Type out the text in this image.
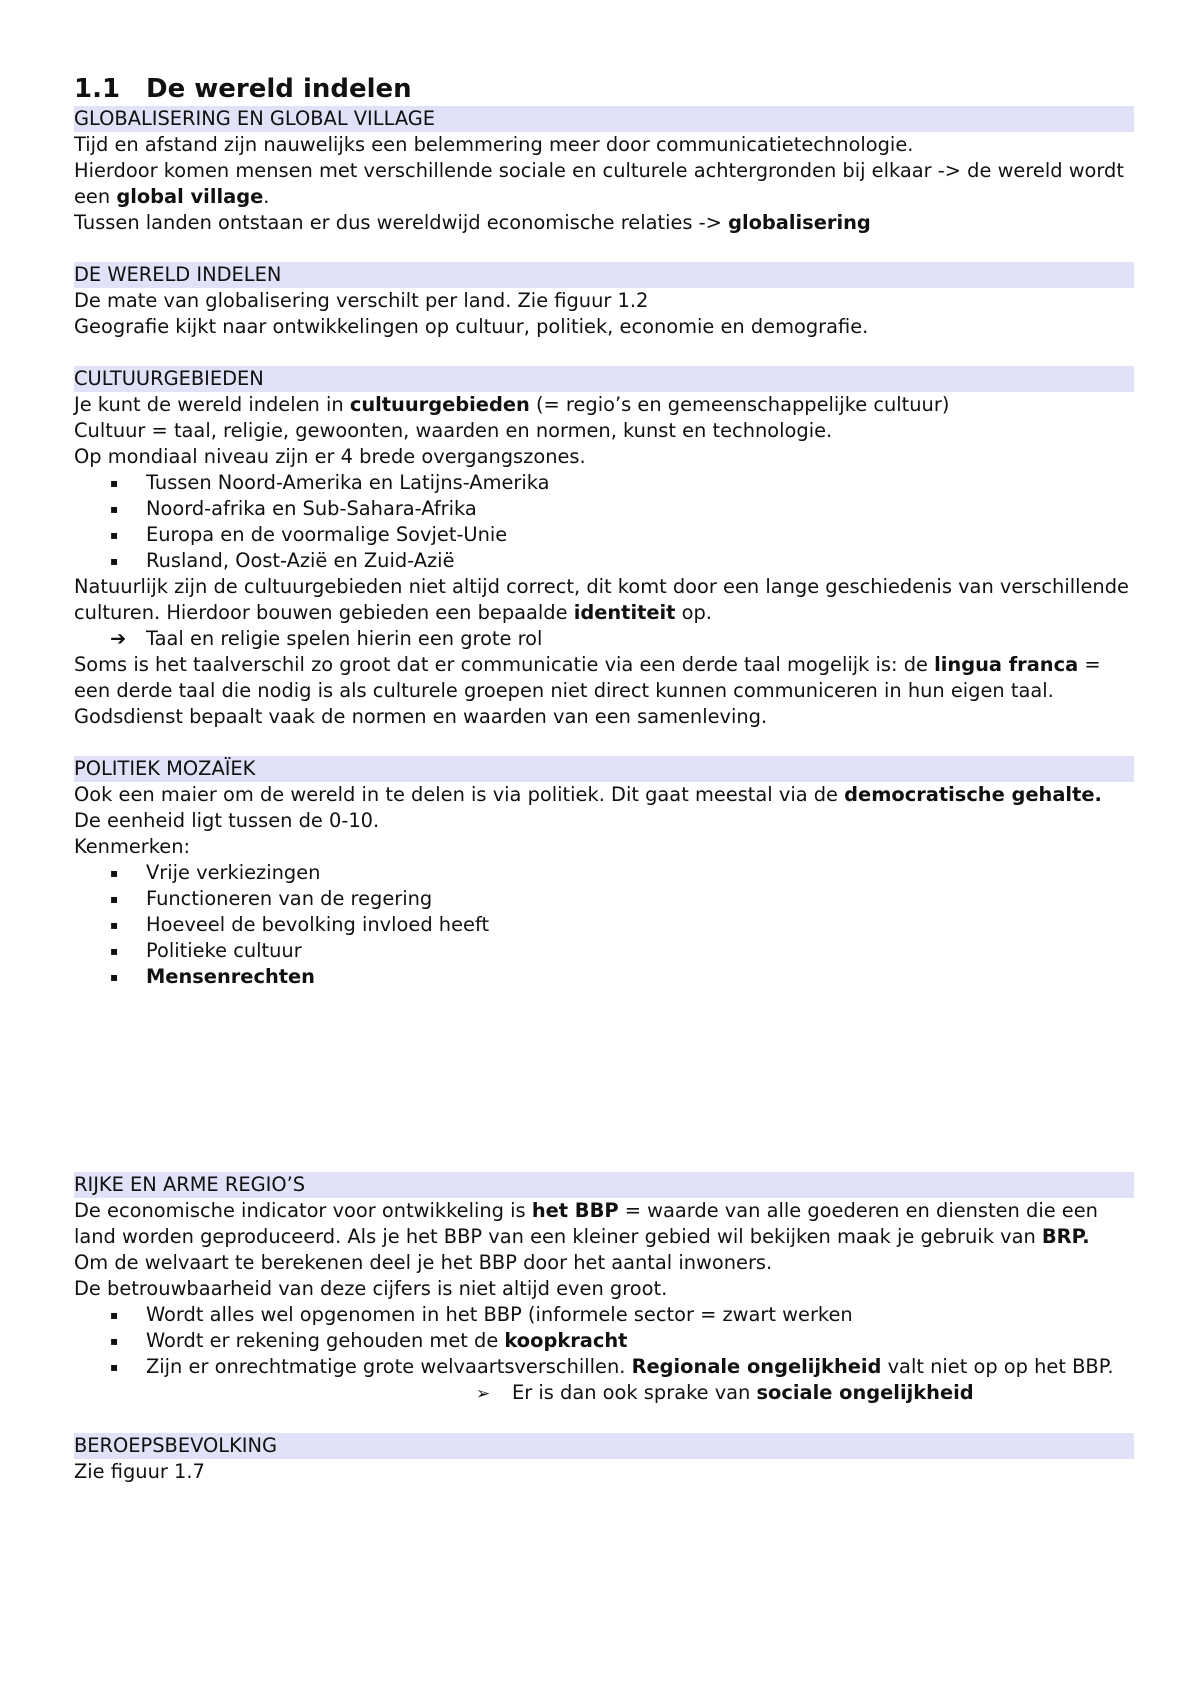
1.1 De wereld indelen
GLOBALISERING EN GLOBAL VILLAGE

Tijd en afstand zijn nauwelijks een belemmering meer door communicatietechnologie.

Hierdoor komen mensen met verschillende sociale en culturele achtergronden bij elkaar -> de wereld wordt een global village.

Tussen landen ontstaan er dus wereldwijd economische relaties -> globalisering

DE WERELD INDELEN

De mate van globalisering verschilt per land. Zie figuur 1.2

Geografie kijkt naar ontwikkelingen op cultuur, politiek, economie en demografie.

CULTUURGEBIEDEN

Je kunt de wereld indelen in cultuurgebieden (= regio’s en gemeenschappelijke cultuur)

Cultuur = taal, religie, gewoonten, waarden en normen, kunst en technologie.

Op mondiaal niveau zijn er 4 brede overgangszones.

▪ Tussen Noord-Amerika en Latijns-Amerika
▪ Noord-afrika en Sub-Sahara-Afrika
▪ Europa en de voormalige Sovjet-Unie
▪ Rusland, Oost-Azië en Zuid-Azië

Natuurlijk zijn de cultuurgebieden niet altijd correct, dit komt door een lange geschiedenis van verschillende culturen. Hierdoor bouwen gebieden een bepaalde identiteit op.

➔ Taal en religie spelen hierin een grote rol

Soms is het taalverschil zo groot dat er communicatie via een derde taal mogelijk is: de lingua franca = een derde taal die nodig is als culturele groepen niet direct kunnen communiceren in hun eigen taal.

Godsdienst bepaalt vaak de normen en waarden van een samenleving.

POLITIEK MOZAÏEK

Ook een maier om de wereld in te delen is via politiek. Dit gaat meestal via de democratische gehalte.

De eenheid ligt tussen de 0-10.

Kenmerken:

▪ Vrije verkiezingen
▪ Functioneren van de regering
▪ Hoeveel de bevolking invloed heeft
▪ Politieke cultuur
▪ Mensenrechten
RIJKE EN ARME REGIO’S

De economische indicator voor ontwikkeling is het BBP = waarde van alle goederen en diensten die een land worden geproduceerd. Als je het BBP van een kleiner gebied wil bekijken maak je gebruik van BRP.

Om de welvaart te berekenen deel je het BBP door het aantal inwoners.

De betrouwbaarheid van deze cijfers is niet altijd even groot.

▪ Wordt alles wel opgenomen in het BBP (informele sector = zwart werken
▪ Wordt er rekening gehouden met de koopkracht
▪ Zijn er onrechtmatige grote welvaartsverschillen. Regionale ongelijkheid valt niet op op het BBP.

➢ Er is dan ook sprake van sociale ongelijkheid

BEROEPSBEVOLKING

Zie figuur 1.7
